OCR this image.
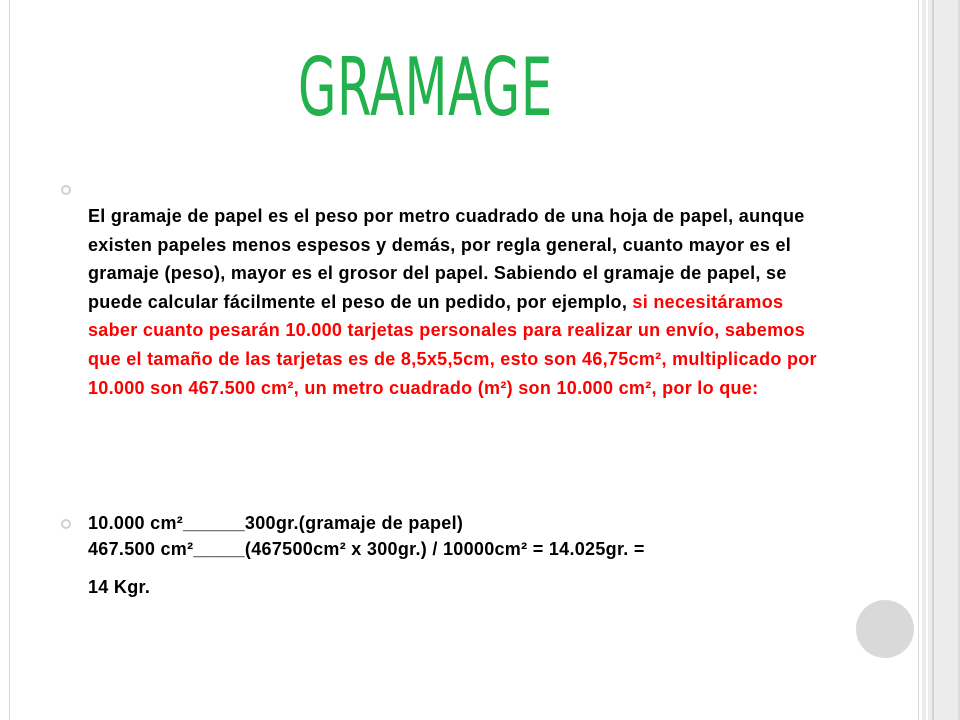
GRAMAGE

El gramaje de papel es el peso por metro cuadrado de una hoja de papel, aunque existen papeles menos espesos y demás, por regla general, cuanto mayor es el gramaje (peso), mayor es el grosor del papel. Sabiendo el gramaje de papel, se puede calcular fácilmente el peso de un pedido, por ejemplo, si necesitáramos saber cuanto pesarán 10.000 tarjetas personales para realizar un envío, sabemos que el tamaño de las tarjetas es de 8,5x5,5cm, esto son 46,75cm², multiplicado por 10.000 son 467.500 cm², un metro cuadrado (m²) son 10.000 cm², por lo que:

10.000 cm²______300gr.(gramaje de papel)
467.500 cm²_____(467500cm² x 300gr.) / 10000cm² = 14.025gr. =
14 Kgr.
